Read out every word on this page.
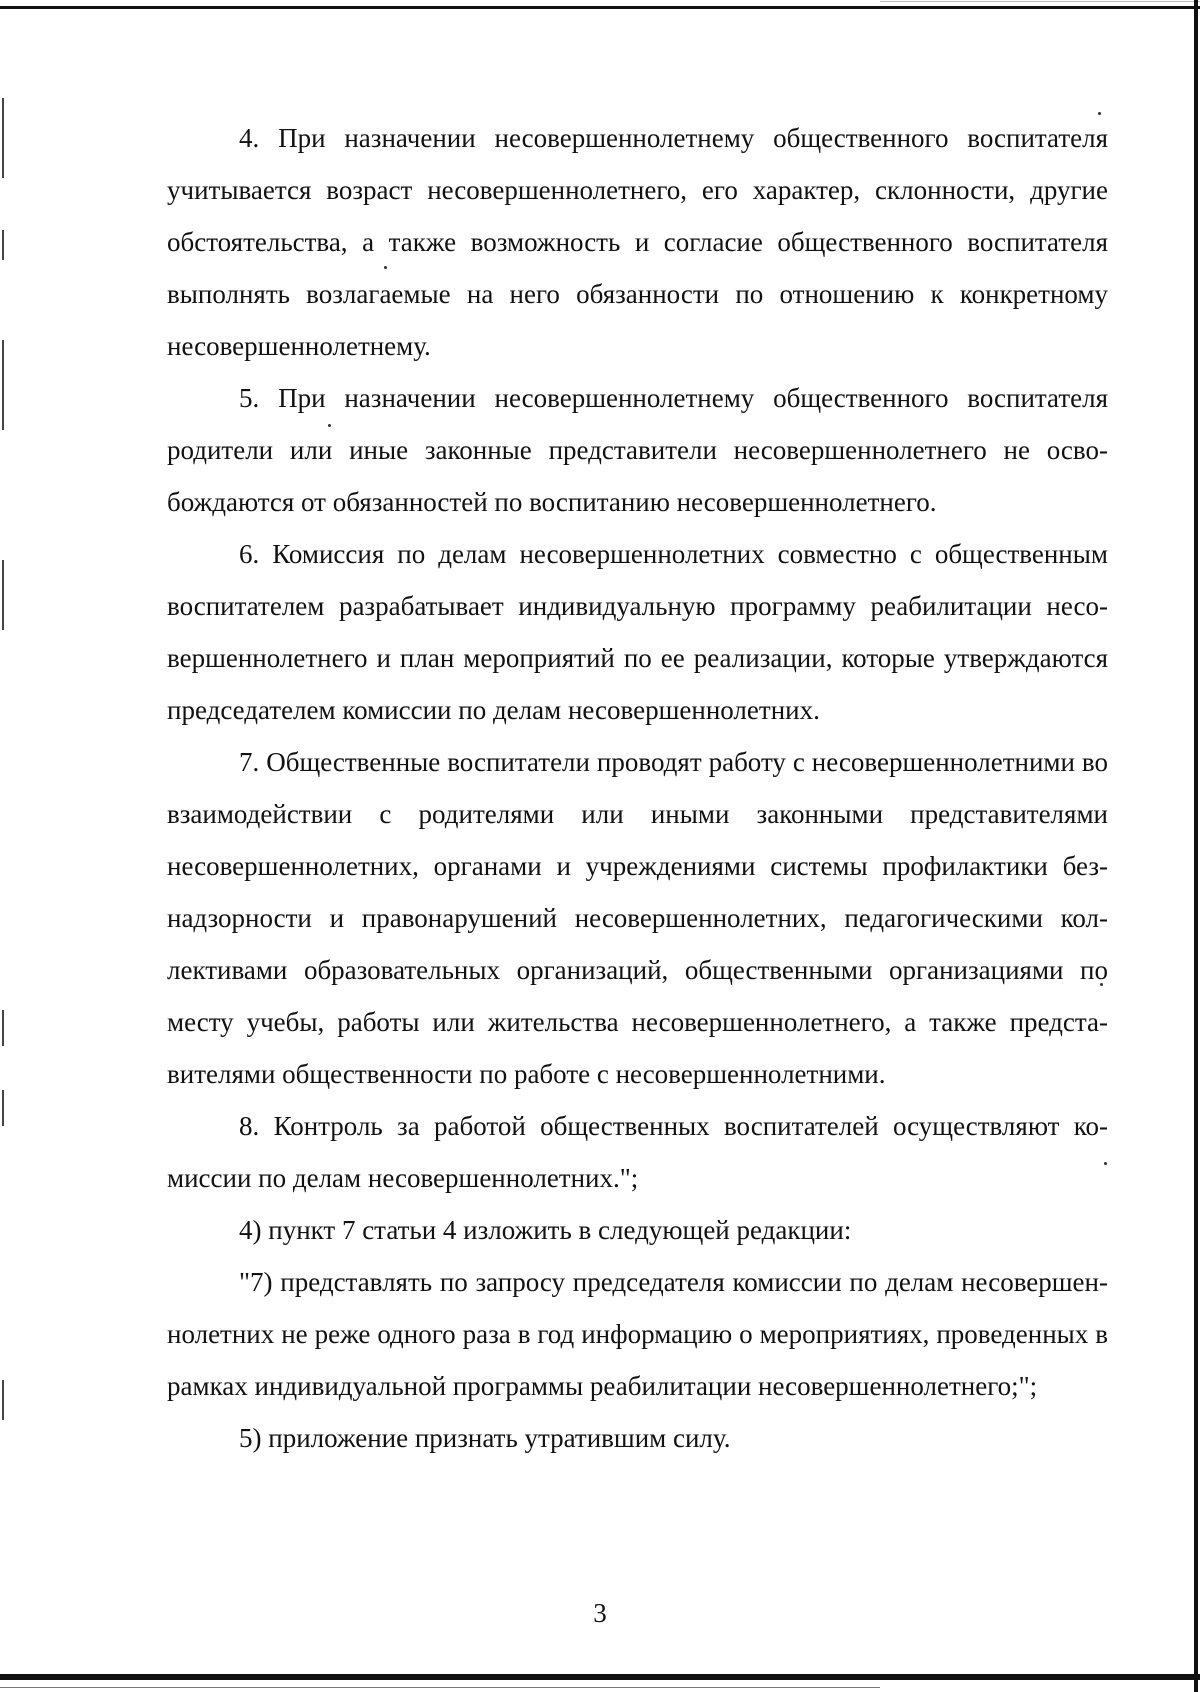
4. При назначении несовершеннолетнему общественного воспитателя учитывается возраст несовершеннолетнего, его характер, склонности, другие обстоятельства, а также возможность и согласие общественного воспитателя выполнять возлагаемые на него обязанности по отношению к конкретному несовершеннолетнему.

5. При назначении несовершеннолетнему общественного воспитателя родители или иные законные представители несовершеннолетнего не освобождаются от обязанностей по воспитанию несовершеннолетнего.

6. Комиссия по делам несовершеннолетних совместно с общественным воспитателем разрабатывает индивидуальную программу реабилитации несовершеннолетнего и план мероприятий по ее реализации, которые утверждаются председателем комиссии по делам несовершеннолетних.

7. Общественные воспитатели проводят работу с несовершеннолетними во взаимодействии с родителями или иными законными представителями несовершеннолетних, органами и учреждениями системы профилактики безнадзорности и правонарушений несовершеннолетних, педагогическими коллективами образовательных организаций, общественными организациями по месту учебы, работы или жительства несовершеннолетнего, а также представителями общественности по работе с несовершеннолетними.

8. Контроль за работой общественных воспитателей осуществляют комиссии по делам несовершеннолетних.";

4) пункт 7 статьи 4 изложить в следующей редакции:

"7) представлять по запросу председателя комиссии по делам несовершеннолетних не реже одного раза в год информацию о мероприятиях, проведенных в рамках индивидуальной программы реабилитации несовершеннолетнего;";

5) приложение признать утратившим силу.

3
